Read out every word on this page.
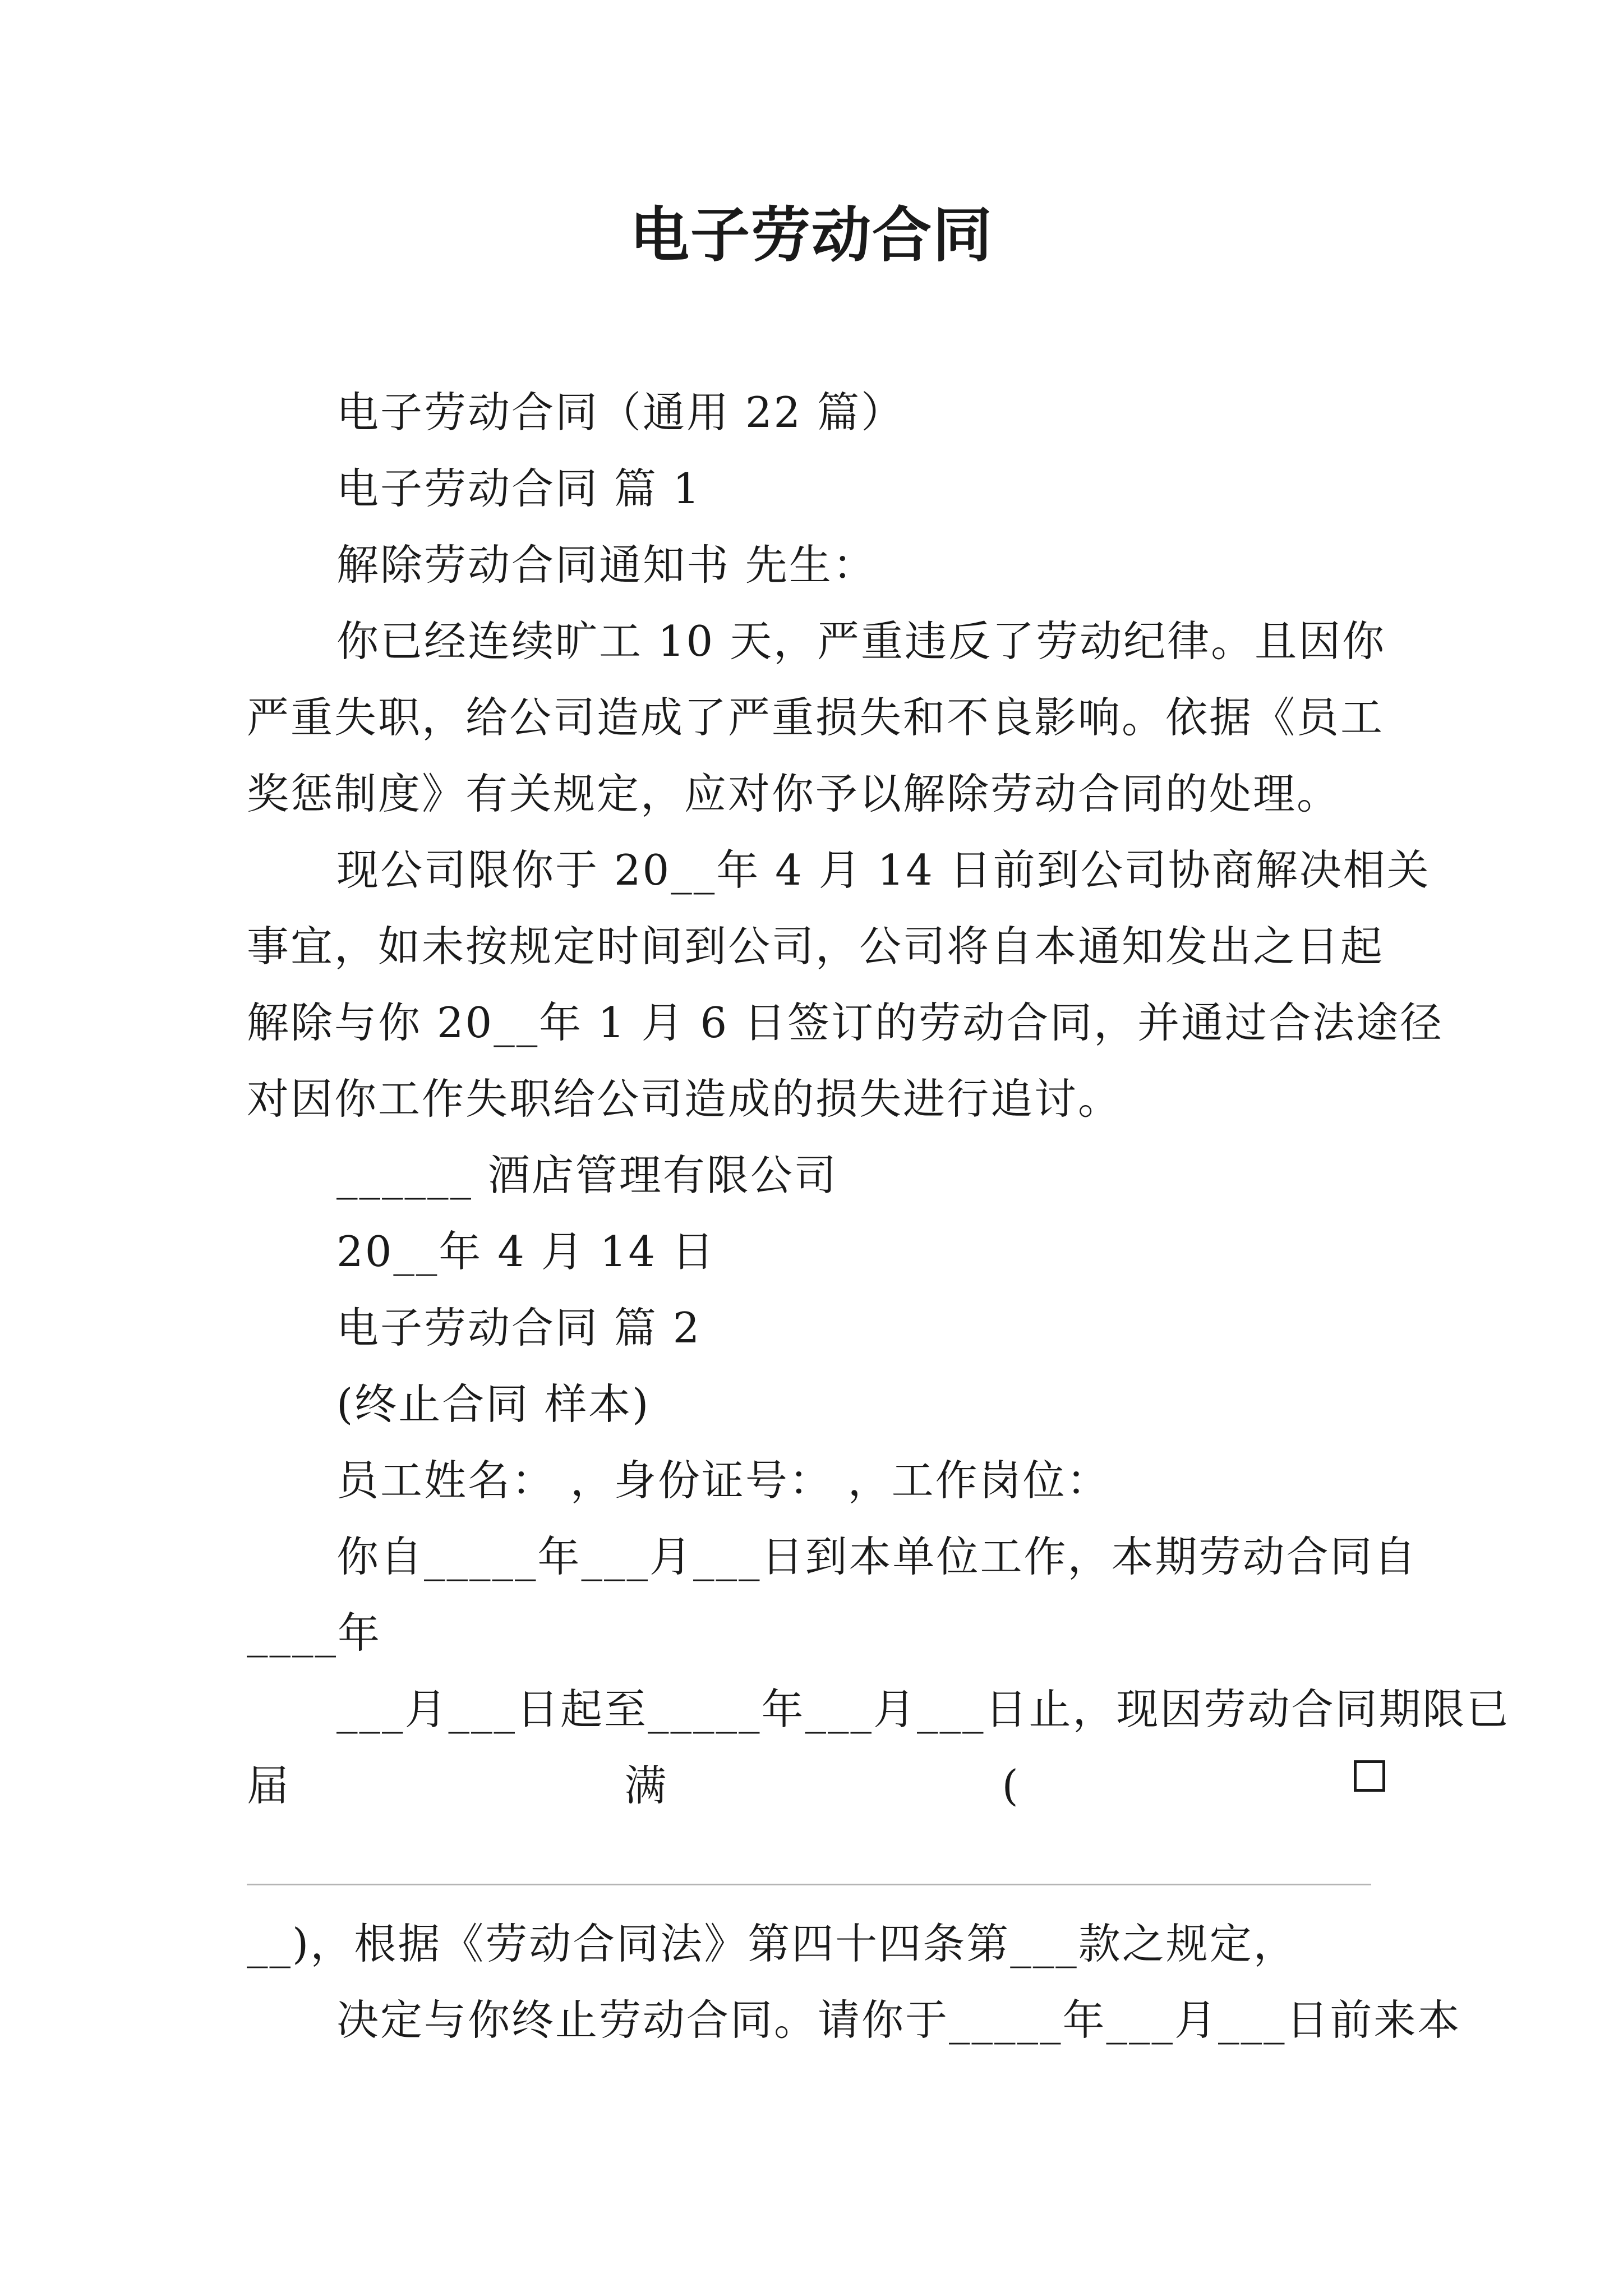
电子劳动合同
电子劳动合同（通用 22 篇）
电子劳动合同 篇 1
解除劳动合同通知书 先生：
你已经连续旷工 10 天，严重违反了劳动纪律。且因你
严重失职，给公司造成了严重损失和不良影响。依据《员工
奖惩制度》有关规定，应对你予以解除劳动合同的处理。
现公司限你于 20__年 4 月 14 日前到公司协商解决相关
事宜，如未按规定时间到公司，公司将自本通知发出之日起
解除与你 20__年 1 月 6 日签订的劳动合同，并通过合法途径
对因你工作失职给公司造成的损失进行追讨。
______ 酒店管理有限公司
20__年 4 月 14 日
电子劳动合同 篇 2
(终止合同 样本)
员工姓名： ，身份证号： ，工作岗位：
你自_____年___月___日到本单位工作，本期劳动合同自
____年
___月___日起至_____年___月___日止，现因劳动合同期限已
届	满	(
__)，根据《劳动合同法》第四十四条第___款之规定，
决定与你终止劳动合同。请你于_____年___月___日前来本
